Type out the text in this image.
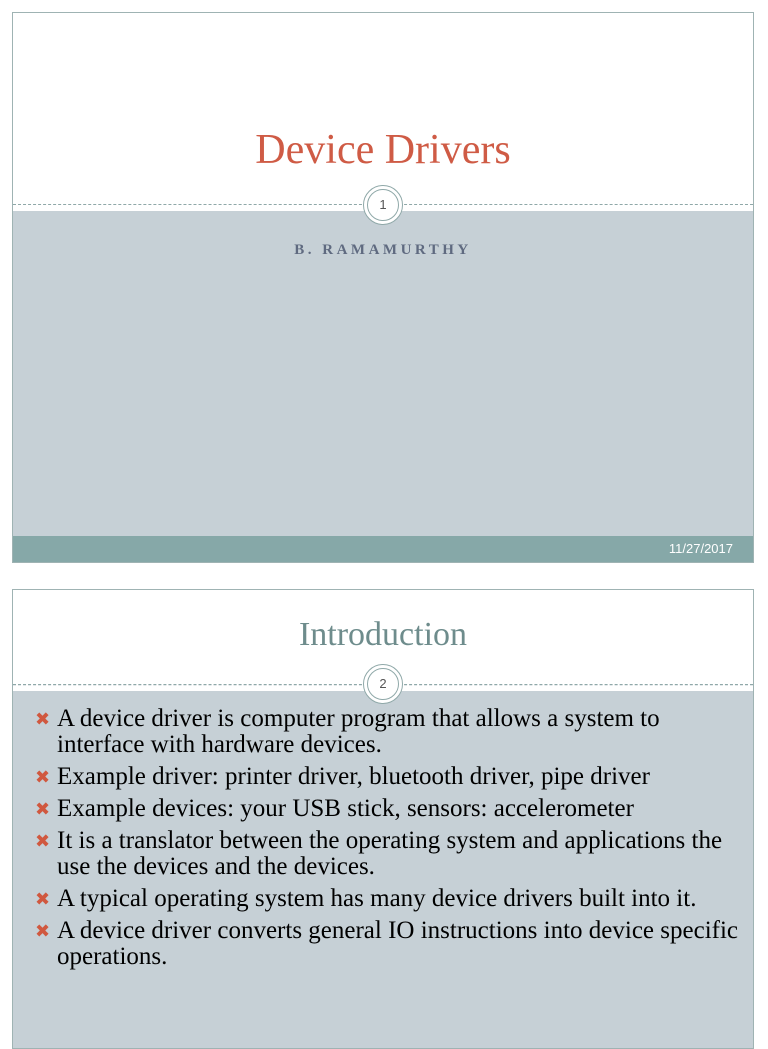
Device Drivers
1
B. RAMAMURTHY
11/27/2017
Introduction
2
✖ A device driver is computer program that allows a system to interface with hardware devices.
✖ Example driver: printer driver, bluetooth driver, pipe driver
✖ Example devices: your USB stick, sensors: accelerometer
✖ It is a translator between the operating system and applications the use the devices and the devices.
✖ A typical operating system has many device drivers built into it.
✖ A device driver converts general IO instructions into device specific operations.
